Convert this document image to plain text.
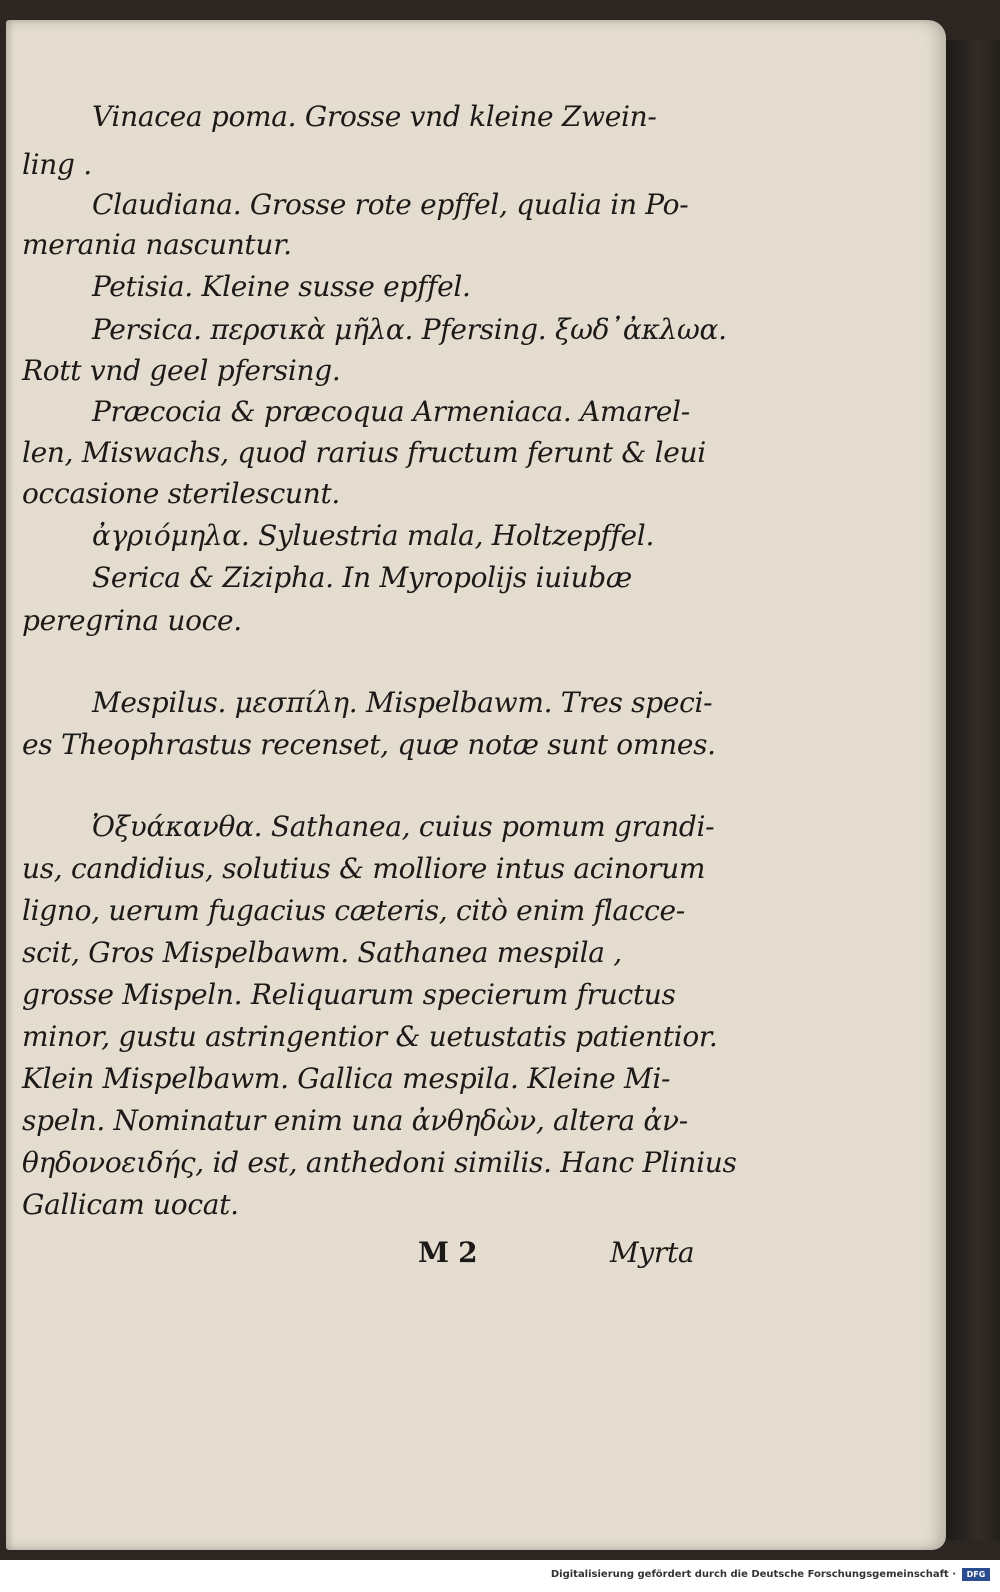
Vinacea poma. Grosse vnd kleine Zwein-
ling .
Claudiana. Grosse rote epffel, qualia in Po-
merania nascuntur.
Petisia. Kleine susse epffel.
Persica. περσικὰ μῆλα. Pfersing. ξωδ᾽ἀκλωα.
Rott vnd geel pfersing.
Præcocia & præcoqua Armeniaca. Amarel-
len, Miswachs, quod rarius fructum ferunt & leui
occasione sterilescunt.
ἀγριόμηλα. Syluestria mala, Holtzepffel.
Serica & Zizipha. In Myropolijs iuiubæ
peregrina uoce.
Mespilus. μεσπίλη. Mispelbawm. Tres speci-
es Theophrastus recenset, quæ notæ sunt omnes.
Ὀξυάκανθα. Sathanea, cuius pomum grandi-
us, candidius, solutius & molliore intus acinorum
ligno, uerum fugacius cæteris, citò enim flacce-
scit, Gros Mispelbawm. Sathanea mespila ,
grosse Mispeln. Reliquarum specierum fructus
minor, gustu astringentior & uetustatis patientior.
Klein Mispelbawm. Gallica mespila. Kleine Mi-
speln. Nominatur enim una ἀνθηδὼν, altera ἀν-
θηδονοειδής, id est, anthedoni similis. Hanc Plinius
Gallicam uocat.
M 2	Myrta
Digitalisierung gefördert durch die Deutsche Forschungsgemeinschaft ·	DFG
